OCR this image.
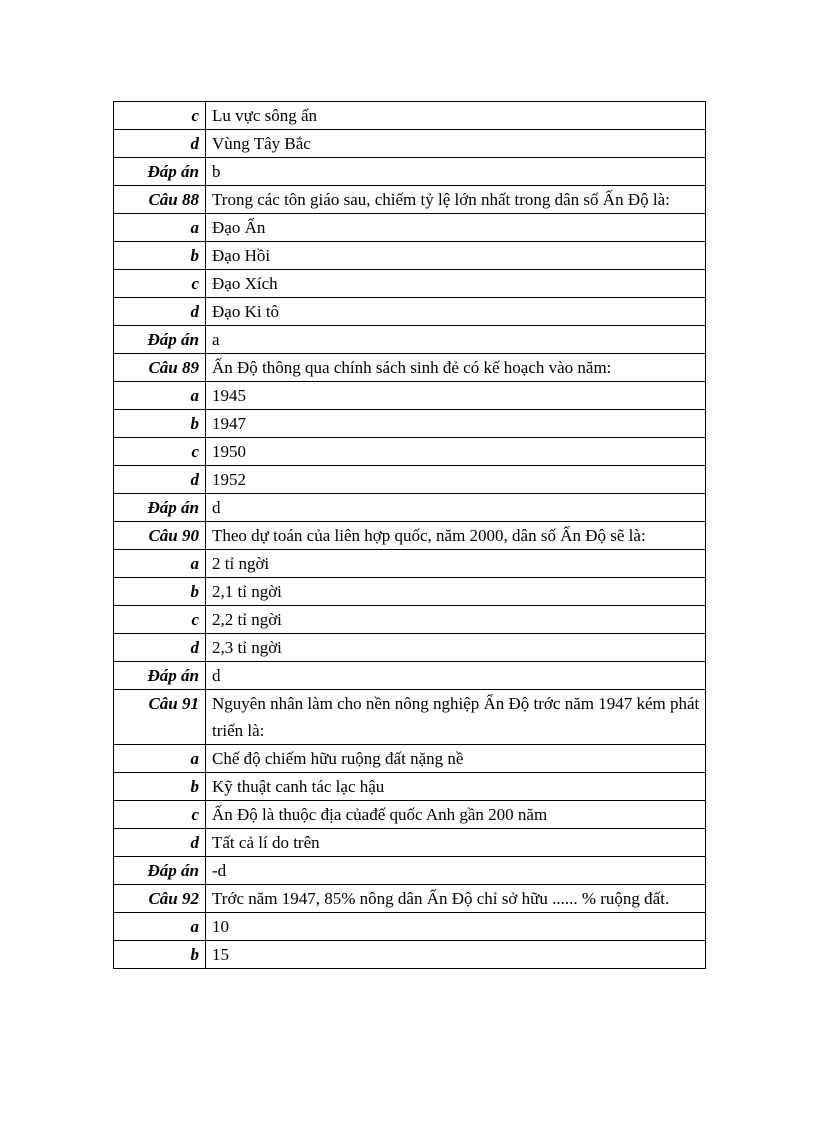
c	Lu vực sông ấn
d	Vùng Tây Bắc
Đáp án	b
Câu 88	Trong các tôn giáo sau, chiếm tỷ lệ lớn nhất trong dân số Ấn Độ là:
a	Đạo Ấn
b	Đạo Hồi
c	Đạo Xích
d	Đạo Ki tô
Đáp án	a
Câu 89	Ấn Độ thông qua chính sách sinh đẻ có kế hoạch vào năm:
a	1945
b	1947
c	1950
d	1952
Đáp án	d
Câu 90	Theo dự toán của liên hợp quốc, năm 2000, dân số Ấn Độ sẽ là:
a	2 tỉ ngời
b	2,1 tỉ ngời
c	2,2 tỉ ngời
d	2,3 tỉ ngời
Đáp án	d
Câu 91	Nguyên nhân làm cho nền nông nghiệp Ấn Độ trớc năm 1947 kém phát triển là:
a	Chế độ chiếm hữu ruộng đất nặng nề
b	Kỹ thuật canh tác lạc hậu
c	Ấn Độ là thuộc địa củađế quốc Anh gần 200 năm
d	Tất cả lí do trên
Đáp án	-d
Câu 92	Trớc năm 1947, 85% nông dân Ấn Độ chỉ sở hữu ...... % ruộng đất.
a	10
b	15
